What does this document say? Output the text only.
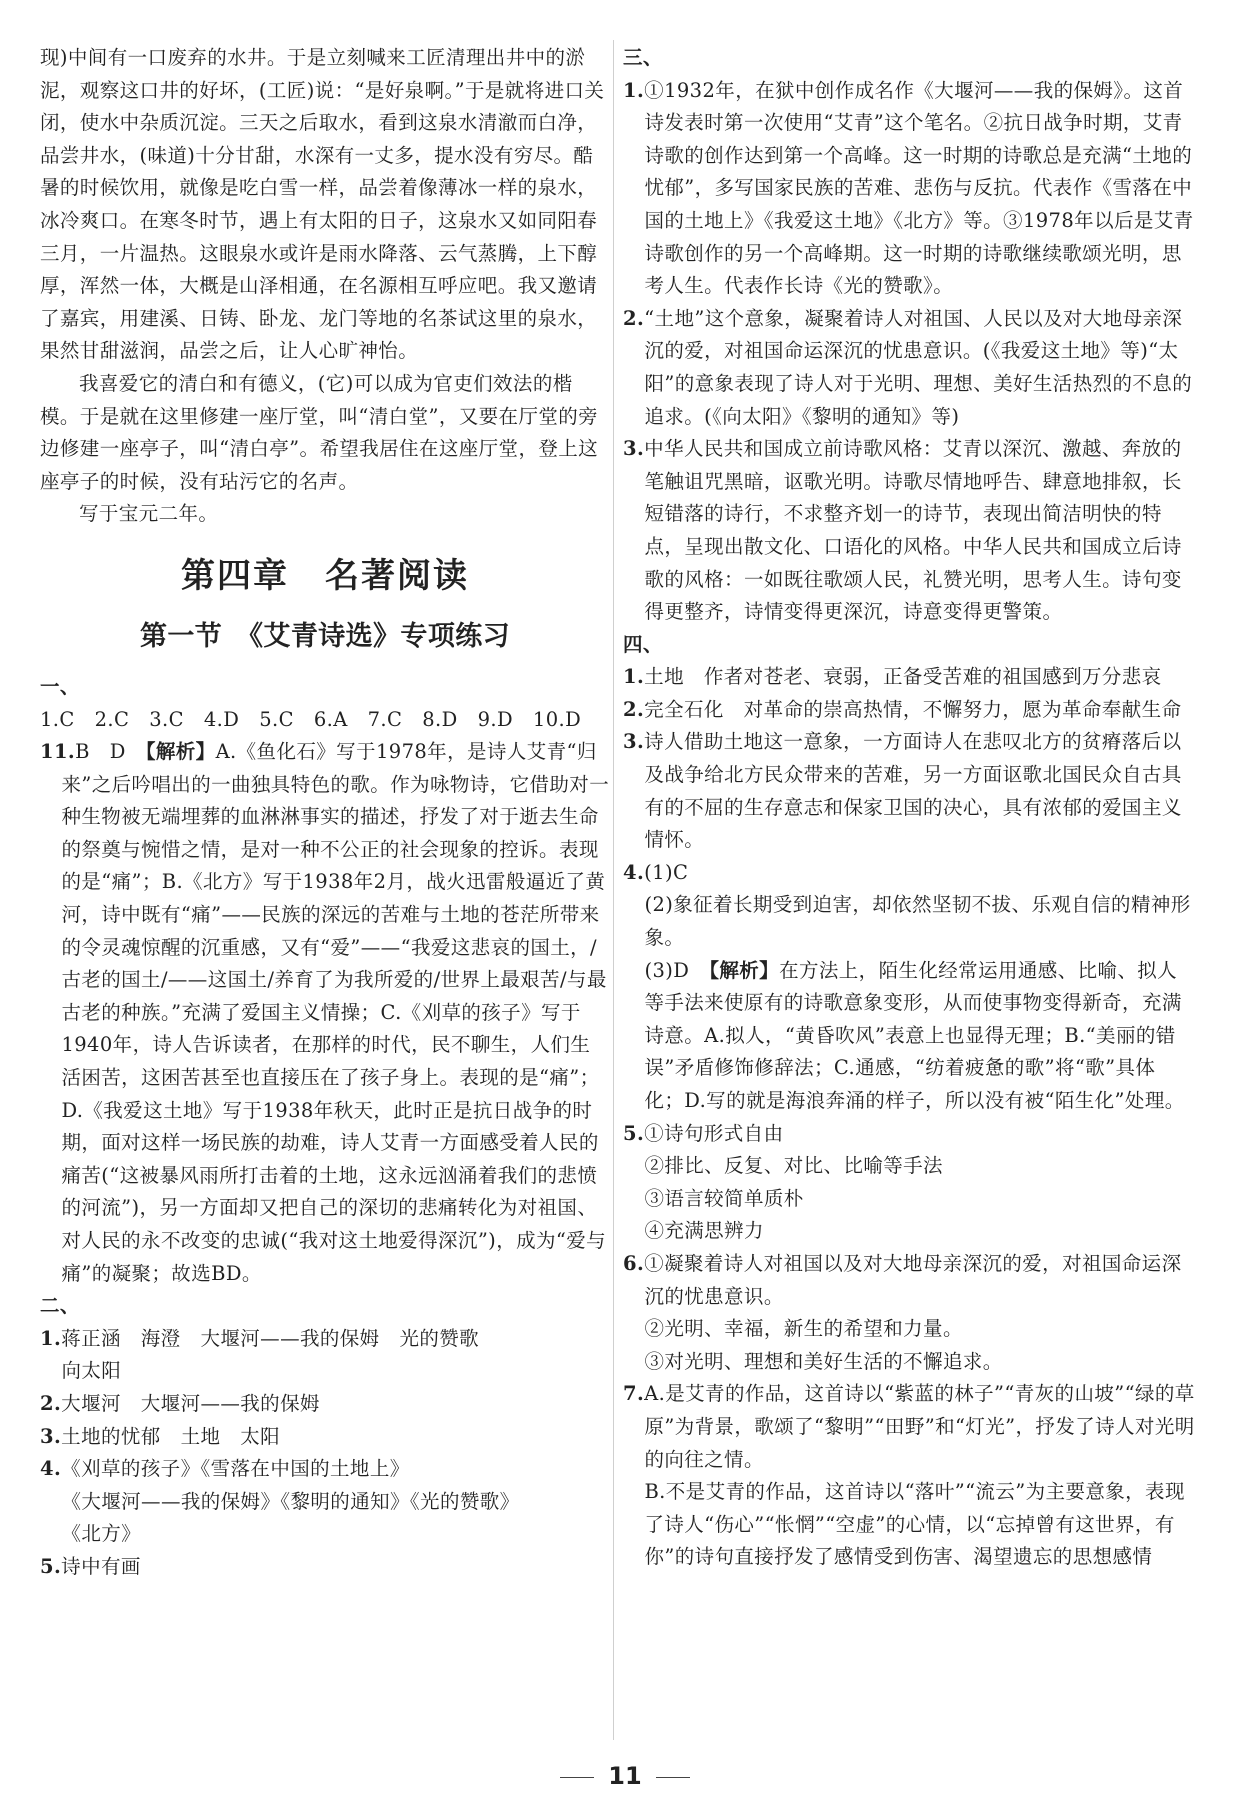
现)中间有一口废弃的水井。于是立刻喊来工匠清理出井中的淤泥，观察这口井的好坏，(工匠)说：“是好泉啊。”于是就将进口关闭，使水中杂质沉淀。三天之后取水，看到这泉水清澈而白净，品尝井水，(味道)十分甘甜，水深有一丈多，提水没有穷尽。酷暑的时候饮用，就像是吃白雪一样，品尝着像薄冰一样的泉水，冰冷爽口。在寒冬时节，遇上有太阳的日子，这泉水又如同阳春三月，一片温热。这眼泉水或许是雨水降落、云气蒸腾，上下醇厚，浑然一体，大概是山泽相通，在名源相互呼应吧。我又邀请了嘉宾，用建溪、日铸、卧龙、龙门等地的名茶试这里的泉水，果然甘甜滋润，品尝之后，让人心旷神怡。

我喜爱它的清白和有德义，(它)可以成为官吏们效法的楷模。于是就在这里修建一座厅堂，叫“清白堂”，又要在厅堂的旁边修建一座亭子，叫“清白亭”。希望我居住在这座厅堂，登上这座亭子的时候，没有玷污它的名声。

写于宝元二年。

第四章　名著阅读
第一节　《艾青诗选》专项练习

一、

1.C　2.C　3.C　4.D　5.C　6.A　7.C　8.D　9.D　10.D

11.B　D　【解析】A.《鱼化石》写于1978年，是诗人艾青“归来”之后吟唱出的一曲独具特色的歌。作为咏物诗，它借助对一种生物被无端埋葬的血淋淋事实的描述，抒发了对于逝去生命的祭奠与惋惜之情，是对一种不公正的社会现象的控诉。表现的是“痛”；B.《北方》写于1938年2月，战火迅雷般逼近了黄河，诗中既有“痛”——民族的深远的苦难与土地的苍茫所带来的令灵魂惊醒的沉重感，又有“爱”——“我爱这悲哀的国土，/古老的国土/——这国土/养育了为我所爱的/世界上最艰苦/与最古老的种族。”充满了爱国主义情操；C.《刈草的孩子》写于1940年，诗人告诉读者，在那样的时代，民不聊生，人们生活困苦，这困苦甚至也直接压在了孩子身上。表现的是“痛”；D.《我爱这土地》写于1938年秋天，此时正是抗日战争的时期，面对这样一场民族的劫难，诗人艾青一方面感受着人民的痛苦(“这被暴风雨所打击着的土地，这永远汹涌着我们的悲愤的河流”)，另一方面却又把自己的深切的悲痛转化为对祖国、对人民的永不改变的忠诚(“我对这土地爱得深沉”)，成为“爱与痛”的凝聚；故选BD。

二、

1.蒋正涵　海澄　大堰河——我的保姆　光的赞歌

向太阳

2.大堰河　大堰河——我的保姆

3.土地的忧郁　土地　太阳

4.《刈草的孩子》《雪落在中国的土地上》

《大堰河——我的保姆》《黎明的通知》《光的赞歌》

《北方》

5.诗中有画

三、

1.①1932年，在狱中创作成名作《大堰河——我的保姆》。这首诗发表时第一次使用“艾青”这个笔名。②抗日战争时期，艾青诗歌的创作达到第一个高峰。这一时期的诗歌总是充满“土地的忧郁”，多写国家民族的苦难、悲伤与反抗。代表作《雪落在中国的土地上》《我爱这土地》《北方》等。③1978年以后是艾青诗歌创作的另一个高峰期。这一时期的诗歌继续歌颂光明，思考人生。代表作长诗《光的赞歌》。

2.“土地”这个意象，凝聚着诗人对祖国、人民以及对大地母亲深沉的爱，对祖国命运深沉的忧患意识。(《我爱这土地》等)“太阳”的意象表现了诗人对于光明、理想、美好生活热烈的不息的追求。(《向太阳》《黎明的通知》等)

3.中华人民共和国成立前诗歌风格：艾青以深沉、激越、奔放的笔触诅咒黑暗，讴歌光明。诗歌尽情地呼告、肆意地排叙，长短错落的诗行，不求整齐划一的诗节，表现出简洁明快的特点，呈现出散文化、口语化的风格。中华人民共和国成立后诗歌的风格：一如既往歌颂人民，礼赞光明，思考人生。诗句变得更整齐，诗情变得更深沉，诗意变得更警策。

四、

1.土地　作者对苍老、衰弱，正备受苦难的祖国感到万分悲哀

2.完全石化　对革命的崇高热情，不懈努力，愿为革命奉献生命

3.诗人借助土地这一意象，一方面诗人在悲叹北方的贫瘠落后以及战争给北方民众带来的苦难，另一方面讴歌北国民众自古具有的不屈的生存意志和保家卫国的决心，具有浓郁的爱国主义情怀。

4.(1)C

(2)象征着长期受到迫害，却依然坚韧不拔、乐观自信的精神形象。

(3)D　【解析】在方法上，陌生化经常运用通感、比喻、拟人等手法来使原有的诗歌意象变形，从而使事物变得新奇，充满诗意。A.拟人，“黄昏吹风”表意上也显得无理；B.“美丽的错误”矛盾修饰修辞法；C.通感，“纺着疲惫的歌”将“歌”具体化；D.写的就是海浪奔涌的样子，所以没有被“陌生化”处理。

5.①诗句形式自由

②排比、反复、对比、比喻等手法

③语言较简单质朴

④充满思辨力

6.①凝聚着诗人对祖国以及对大地母亲深沉的爱，对祖国命运深沉的忧患意识。

②光明、幸福，新生的希望和力量。

③对光明、理想和美好生活的不懈追求。

7.A.是艾青的作品，这首诗以“紫蓝的林子”“青灰的山坡”“绿的草原”为背景，歌颂了“黎明”“田野”和“灯光”，抒发了诗人对光明的向往之情。

B.不是艾青的作品，这首诗以“落叶”“流云”为主要意象，表现了诗人“伤心”“怅惘”“空虚”的心情，以“忘掉曾有这世界，有你”的诗句直接抒发了感情受到伤害、渴望遗忘的思想感情

11
